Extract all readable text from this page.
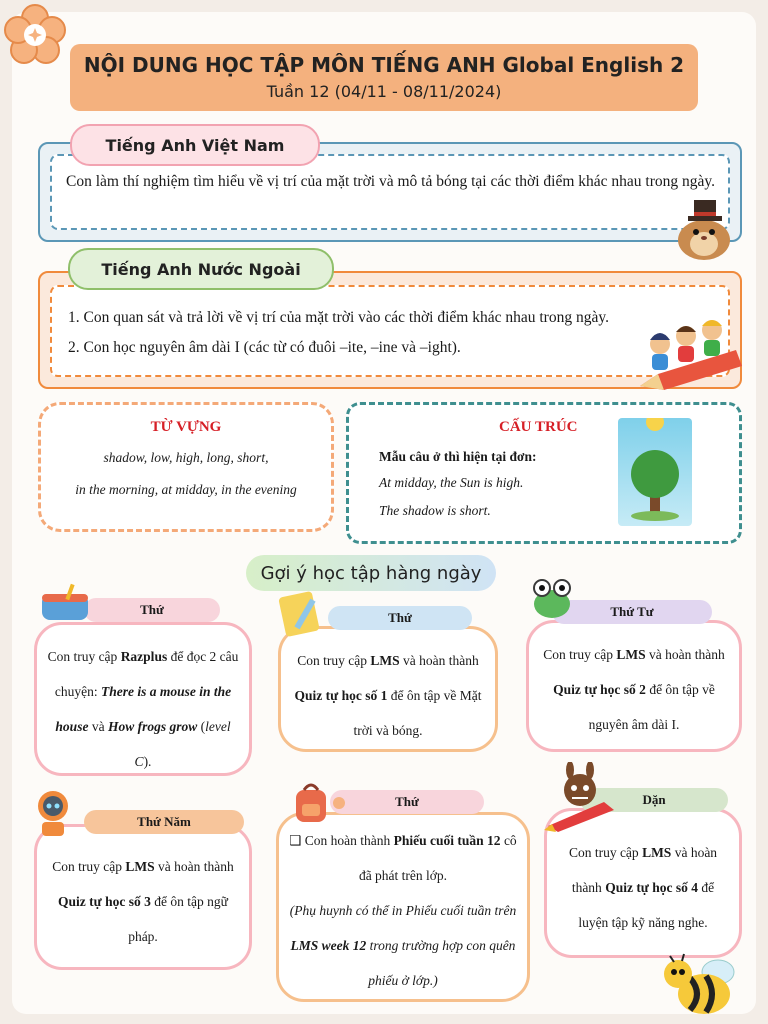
NỘI DUNG HỌC TẬP MÔN TIẾNG ANH Global English 2
Tuần 12 (04/11 - 08/11/2024)
Tiếng Anh Việt Nam
Con làm thí nghiệm tìm hiểu về vị trí của mặt trời và mô tả bóng tại các thời điểm khác nhau trong ngày.
Tiếng Anh Nước Ngoài
1. Con quan sát và trả lời về vị trí của mặt trời vào các thời điểm khác nhau trong ngày.
2. Con học nguyên âm dài I (các từ có đuôi –ite, –ine và –ight).
TỪ VỰNG
shadow, low, high, long, short,
in the morning, at midday, in the evening
CẤU TRÚC
Mẫu câu ở thì hiện tại đơn:
At midday, the Sun is high.
The shadow is short.
Gợi ý học tập hàng ngày
Con truy cập Razplus để đọc 2 câu chuyện: There is a mouse in the house và How frogs grow (level C).
Thứ
Con truy cập LMS và hoàn thành Quiz tự học số 1 để ôn tập về Mặt trời và bóng.
Thứ
Con truy cập LMS và hoàn thành Quiz tự học số 2 để ôn tập về nguyên âm dài I.
Thứ Tư
Con truy cập LMS và hoàn thành Quiz tự học số 3 để ôn tập ngữ pháp.
Thứ Năm
❑ Con hoàn thành Phiếu cuối tuần 12 cô đã phát trên lớp.
(Phụ huynh có thể in Phiếu cuối tuần trên LMS week 12 trong trường hợp con quên phiếu ở lớp.)
Thứ
Con truy cập LMS và hoàn thành Quiz tự học số 4 để luyện tập kỹ năng nghe.
Dặn
